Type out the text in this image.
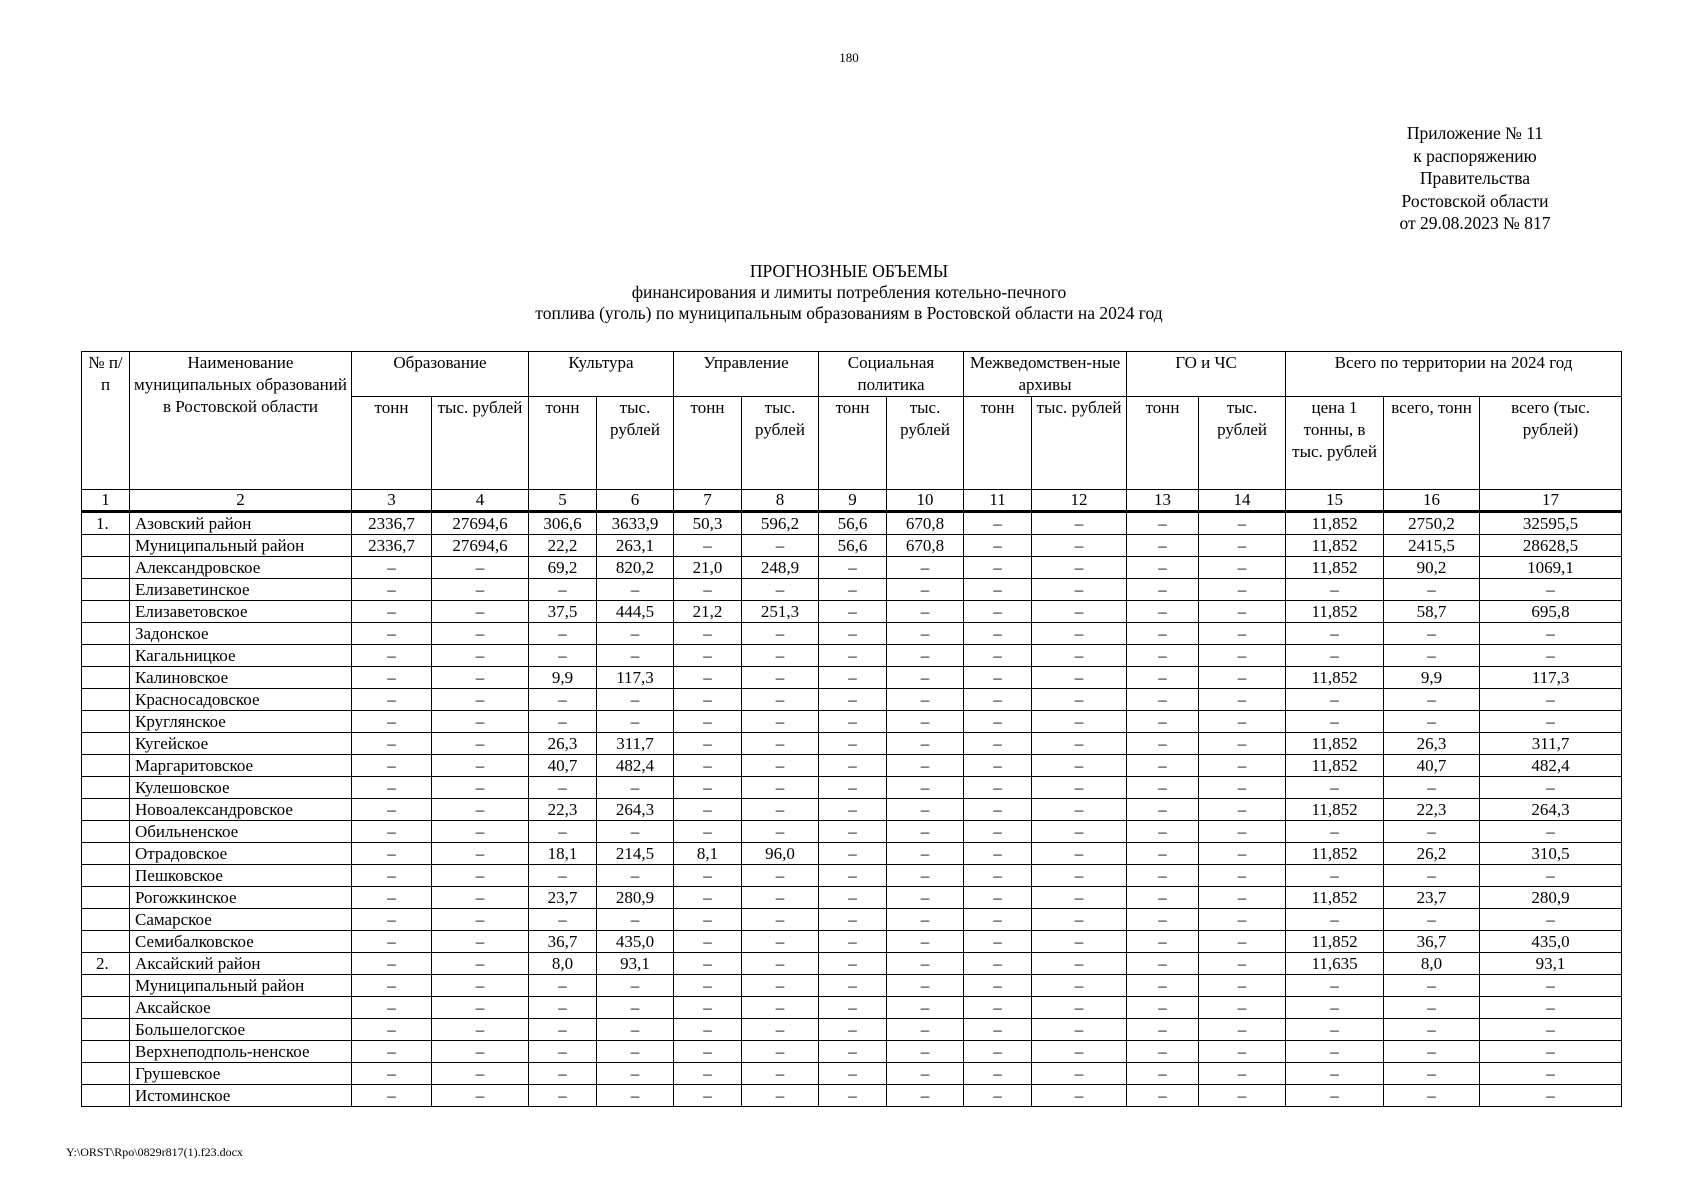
180
Приложение № 11
к распоряжению
Правительства
Ростовской области
от 29.08.2023 № 817
ПРОГНОЗНЫЕ ОБЪЕМЫ
финансирования и лимиты потребления котельно-печного
топлива (уголь) по муниципальным образованиям в Ростовской области на 2024 год
№ п/п	Наименование муниципальных образований в Ростовской области	Образование		Культура		Управление		Социальная политика		Межведомствен-ные архивы		ГО и ЧС		Всего по территории на 2024 год		
		тонн	тыс. рублей	тонн	тыс. рублей	тонн	тыс. рублей	тонн	тыс. рублей	тонн	тыс. рублей	тонн	тыс. рублей	цена 1 тонны, в тыс. рублей	всего, тонн	всего (тыс. рублей)
1	2	3	4	5	6	7	8	9	10	11	12	13	14	15	16	17
1.	Азовский район	2336,7	27694,6	306,6	3633,9	50,3	596,2	56,6	670,8	–	–	–	–	11,852	2750,2	32595,5
	Муниципальный район	2336,7	27694,6	22,2	263,1	–	–	56,6	670,8	–	–	–	–	11,852	2415,5	28628,5
	Александровское	–	–	69,2	820,2	21,0	248,9	–	–	–	–	–	–	11,852	90,2	1069,1
	Елизаветинское	–	–	–	–	–	–	–	–	–	–	–	–	–	–	–
	Елизаветовское	–	–	37,5	444,5	21,2	251,3	–	–	–	–	–	–	11,852	58,7	695,8
	Задонское	–	–	–	–	–	–	–	–	–	–	–	–	–	–	–
	Кагальницкое	–	–	–	–	–	–	–	–	–	–	–	–	–	–	–
	Калиновское	–	–	9,9	117,3	–	–	–	–	–	–	–	–	11,852	9,9	117,3
	Красносадовское	–	–	–	–	–	–	–	–	–	–	–	–	–	–	–
	Круглянское	–	–	–	–	–	–	–	–	–	–	–	–	–	–	–
	Кугейское	–	–	26,3	311,7	–	–	–	–	–	–	–	–	11,852	26,3	311,7
	Маргаритовское	–	–	40,7	482,4	–	–	–	–	–	–	–	–	11,852	40,7	482,4
	Кулешовское	–	–	–	–	–	–	–	–	–	–	–	–	–	–	–
	Новоалександровское	–	–	22,3	264,3	–	–	–	–	–	–	–	–	11,852	22,3	264,3
	Обильненское	–	–	–	–	–	–	–	–	–	–	–	–	–	–	–
	Отрадовское	–	–	18,1	214,5	8,1	96,0	–	–	–	–	–	–	11,852	26,2	310,5
	Пешковское	–	–	–	–	–	–	–	–	–	–	–	–	–	–	–
	Рогожкинское	–	–	23,7	280,9	–	–	–	–	–	–	–	–	11,852	23,7	280,9
	Самарское	–	–	–	–	–	–	–	–	–	–	–	–	–	–	–
	Семибалковское	–	–	36,7	435,0	–	–	–	–	–	–	–	–	11,852	36,7	435,0
2.	Аксайский район	–	–	8,0	93,1	–	–	–	–	–	–	–	–	11,635	8,0	93,1
	Муниципальный район	–	–	–	–	–	–	–	–	–	–	–	–	–	–	–
	Аксайское	–	–	–	–	–	–	–	–	–	–	–	–	–	–	–
	Большелогское	–	–	–	–	–	–	–	–	–	–	–	–	–	–	–
	Верхнеподполь-ненское	–	–	–	–	–	–	–	–	–	–	–	–	–	–	–
	Грушевское	–	–	–	–	–	–	–	–	–	–	–	–	–	–	–
	Истоминское	–	–	–	–	–	–	–	–	–	–	–	–	–	–	–
Y:\ORST\Rpo\0829r817(1).f23.docx
